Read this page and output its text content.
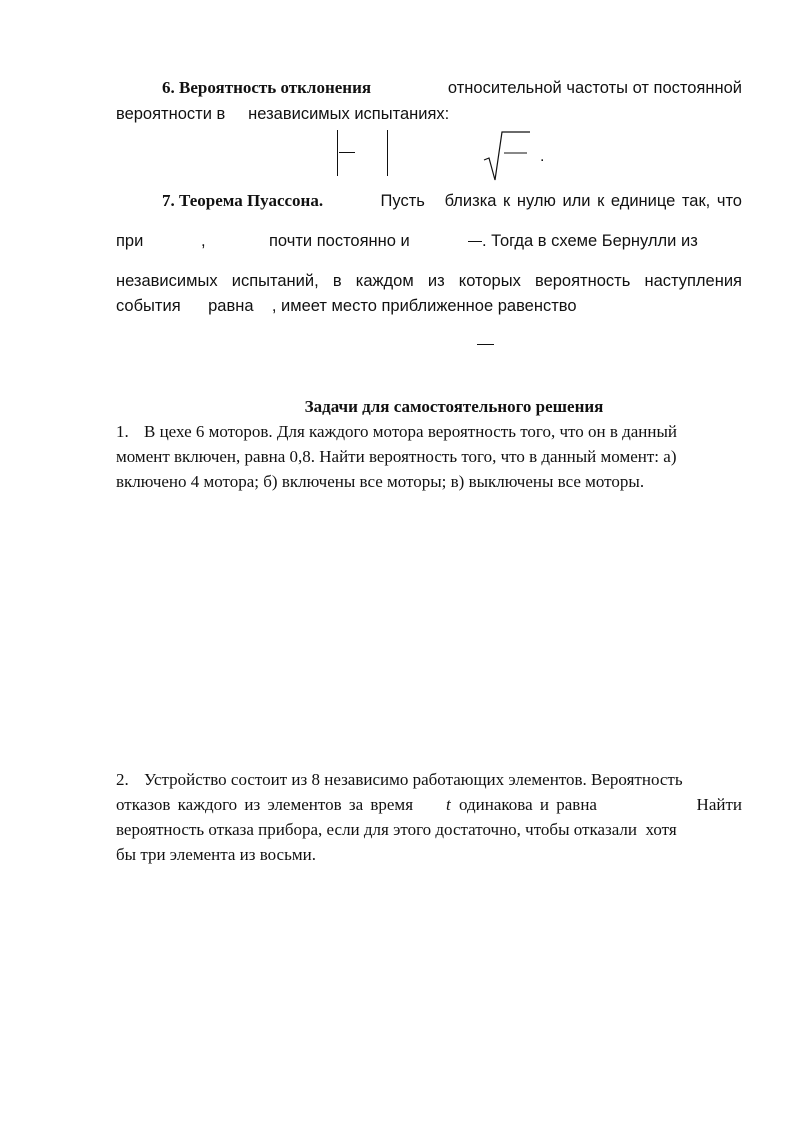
6. Вероятность отклонения	относительной частоты от постоянной
вероятности в     независимых испытаниях:
.
7. Теорема Пуассона.	Пусть   близка к нулю или к единице так, что
при	,	почти постоянно и	. Тогда в схеме Бернулли из
независимых испытаний, в каждом из которых вероятность наступления
события      равна    , имеет место приближенное равенство
Задачи для самостоятельного решения
1. В цехе 6 моторов. Для каждого мотора вероятность того, что он в данный
момент включен, равна 0,8. Найти вероятность того, что в данный момент: а)
включено 4 мотора; б) включены все моторы; в) выключены все моторы.
2. Устройство состоит из 8 независимо работающих элементов. Вероятность
отказов каждого из элементов за время t одинакова и равна	Найти
вероятность отказа прибора, если для этого достаточно, чтобы отказали  хотя
бы три элемента из восьми.
